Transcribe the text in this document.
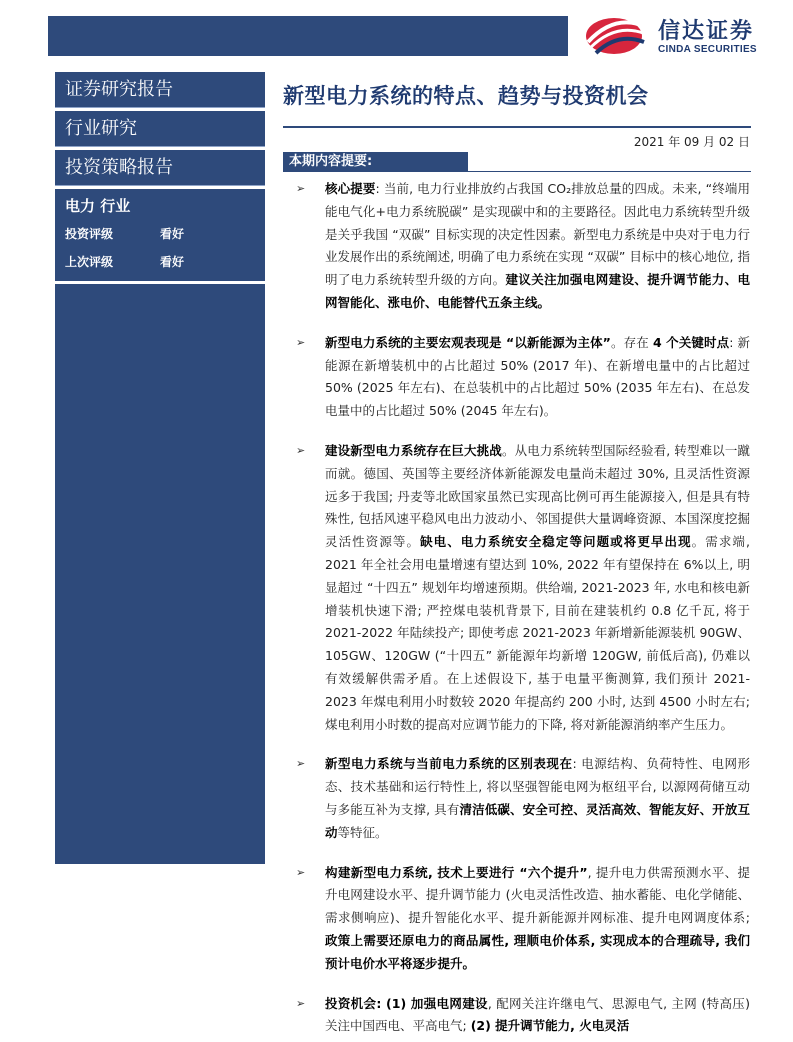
信达证券
CINDA SECURITIES
证券研究报告
行业研究
投资策略报告
电力 行业
投资评级	看好
上次评级	看好
新型电力系统的特点、趋势与投资机会
2021 年 09 月 02 日
本期内容提要:
➢ 核心提要: 当前, 电力行业排放约占我国 CO₂排放总量的四成。未来, “终端用能电气化+电力系统脱碳” 是实现碳中和的主要路径。因此电力系统转型升级是关乎我国 “双碳” 目标实现的决定性因素。新型电力系统是中央对于电力行业发展作出的系统阐述, 明确了电力系统在实现 “双碳” 目标中的核心地位, 指明了电力系统转型升级的方向。建议关注加强电网建设、提升调节能力、电网智能化、涨电价、电能替代五条主线。
➢ 新型电力系统的主要宏观表现是 “以新能源为主体”。存在 4 个关键时点: 新能源在新增装机中的占比超过 50% (2017 年)、在新增电量中的占比超过 50% (2025 年左右)、在总装机中的占比超过 50% (2035 年左右)、在总发电量中的占比超过 50% (2045 年左右)。
➢ 建设新型电力系统存在巨大挑战。从电力系统转型国际经验看, 转型难以一蹴而就。德国、英国等主要经济体新能源发电量尚未超过 30%, 且灵活性资源远多于我国; 丹麦等北欧国家虽然已实现高比例可再生能源接入, 但是具有特殊性, 包括风速平稳风电出力波动小、邻国提供大量调峰资源、本国深度挖掘灵活性资源等。缺电、电力系统安全稳定等问题或将更早出现。需求端, 2021 年全社会用电量增速有望达到 10%, 2022 年有望保持在 6%以上, 明显超过 “十四五” 规划年均增速预期。供给端, 2021-2023 年, 水电和核电新增装机快速下滑; 严控煤电装机背景下, 目前在建装机约 0.8 亿千瓦, 将于 2021-2022 年陆续投产; 即使考虑 2021-2023 年新增新能源装机 90GW、105GW、120GW (“十四五” 新能源年均新增 120GW, 前低后高), 仍难以有效缓解供需矛盾。在上述假设下, 基于电量平衡测算, 我们预计 2021-2023 年煤电利用小时数较 2020 年提高约 200 小时, 达到 4500 小时左右; 煤电利用小时数的提高对应调节能力的下降, 将对新能源消纳率产生压力。
➢ 新型电力系统与当前电力系统的区别表现在: 电源结构、负荷特性、电网形态、技术基础和运行特性上, 将以坚强智能电网为枢纽平台, 以源网荷储互动与多能互补为支撑, 具有清洁低碳、安全可控、灵活高效、智能友好、开放互动等特征。
➢ 构建新型电力系统, 技术上要进行 “六个提升”, 提升电力供需预测水平、提升电网建设水平、提升调节能力 (火电灵活性改造、抽水蓄能、电化学储能、需求侧响应)、提升智能化水平、提升新能源并网标准、提升电网调度体系; 政策上需要还原电力的商品属性, 理顺电价体系, 实现成本的合理疏导, 我们预计电价水平将逐步提升。
➢ 投资机会: (1) 加强电网建设, 配网关注许继电气、思源电气, 主网 (特高压) 关注中国西电、平高电气; (2) 提升调节能力, 火电灵活
